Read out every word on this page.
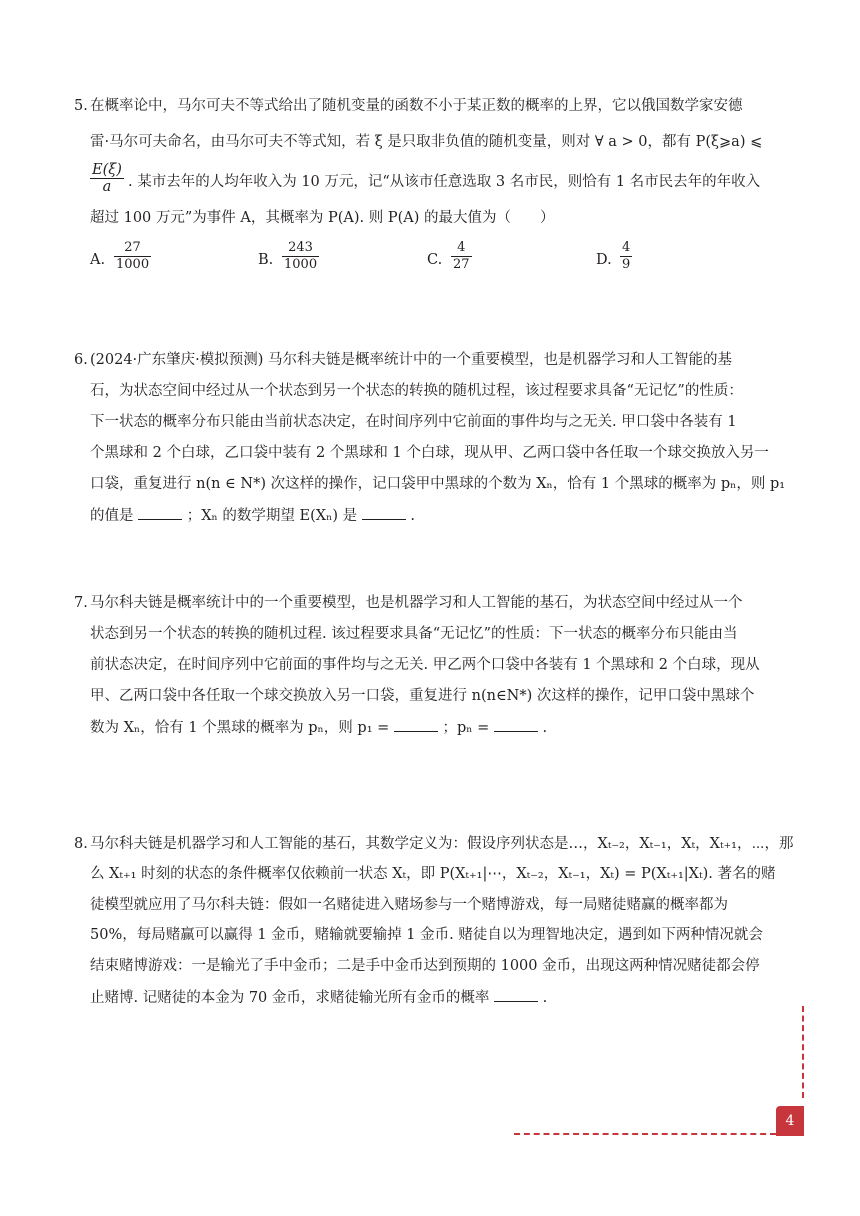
5. 在概率论中，马尔可夫不等式给出了随机变量的函数不小于某正数的概率的上界，它以俄国数学家安德
雷·马尔可夫命名，由马尔可夫不等式知，若 ξ 是只取非负值的随机变量，则对 ∀ a > 0，都有 P(ξ⩾a) ⩽
$\frac{E(\xi)}{a}$ . 某市去年的人均年收入为 10 万元，记“从该市任意选取 3 名市民，则恰有 1 名市民去年的年收入
超过 100 万元”为事件 A，其概率为 P(A). 则 P(A) 的最大值为（　　）
A. $\frac{27}{1000}$	B. $\frac{243}{1000}$	C. $\frac{4}{27}$	D. $\frac{4}{9}$
6. (2024·广东肇庆·模拟预测) 马尔科夫链是概率统计中的一个重要模型，也是机器学习和人工智能的基
石，为状态空间中经过从一个状态到另一个状态的转换的随机过程，该过程要求具备“无记忆”的性质：
下一状态的概率分布只能由当前状态决定，在时间序列中它前面的事件均与之无关. 甲口袋中各装有 1
个黑球和 2 个白球，乙口袋中装有 2 个黑球和 1 个白球，现从甲、乙两口袋中各任取一个球交换放入另一
口袋，重复进行 n(n ∈ N*) 次这样的操作，记口袋甲中黑球的个数为 Xₙ，恰有 1 个黑球的概率为 pₙ，则 p₁
的值是	；Xₙ 的数学期望 E(Xₙ) 是	.
7. 马尔科夫链是概率统计中的一个重要模型，也是机器学习和人工智能的基石，为状态空间中经过从一个
状态到另一个状态的转换的随机过程. 该过程要求具备“无记忆”的性质：下一状态的概率分布只能由当
前状态决定，在时间序列中它前面的事件均与之无关. 甲乙两个口袋中各装有 1 个黑球和 2 个白球，现从
甲、乙两口袋中各任取一个球交换放入另一口袋，重复进行 n(n∈N*) 次这样的操作，记甲口袋中黑球个
数为 Xₙ，恰有 1 个黑球的概率为 pₙ，则 p₁ =	；pₙ =	.
8. 马尔科夫链是机器学习和人工智能的基石，其数学定义为：假设序列状态是…，Xₜ₋₂，Xₜ₋₁，Xₜ，Xₜ₊₁，⋯，那
么 Xₜ₊₁ 时刻的状态的条件概率仅依赖前一状态 Xₜ，即 P(Xₜ₊₁|⋯，Xₜ₋₂，Xₜ₋₁，Xₜ) = P(Xₜ₊₁|Xₜ). 著名的赌
徒模型就应用了马尔科夫链：假如一名赌徒进入赌场参与一个赌博游戏，每一局赌徒赌赢的概率都为
50%，每局赌赢可以赢得 1 金币，赌输就要输掉 1 金币. 赌徒自以为理智地决定，遇到如下两种情况就会
结束赌博游戏：一是输光了手中金币；二是手中金币达到预期的 1000 金币，出现这两种情况赌徒都会停
止赌博. 记赌徒的本金为 70 金币，求赌徒输光所有金币的概率	.
4
